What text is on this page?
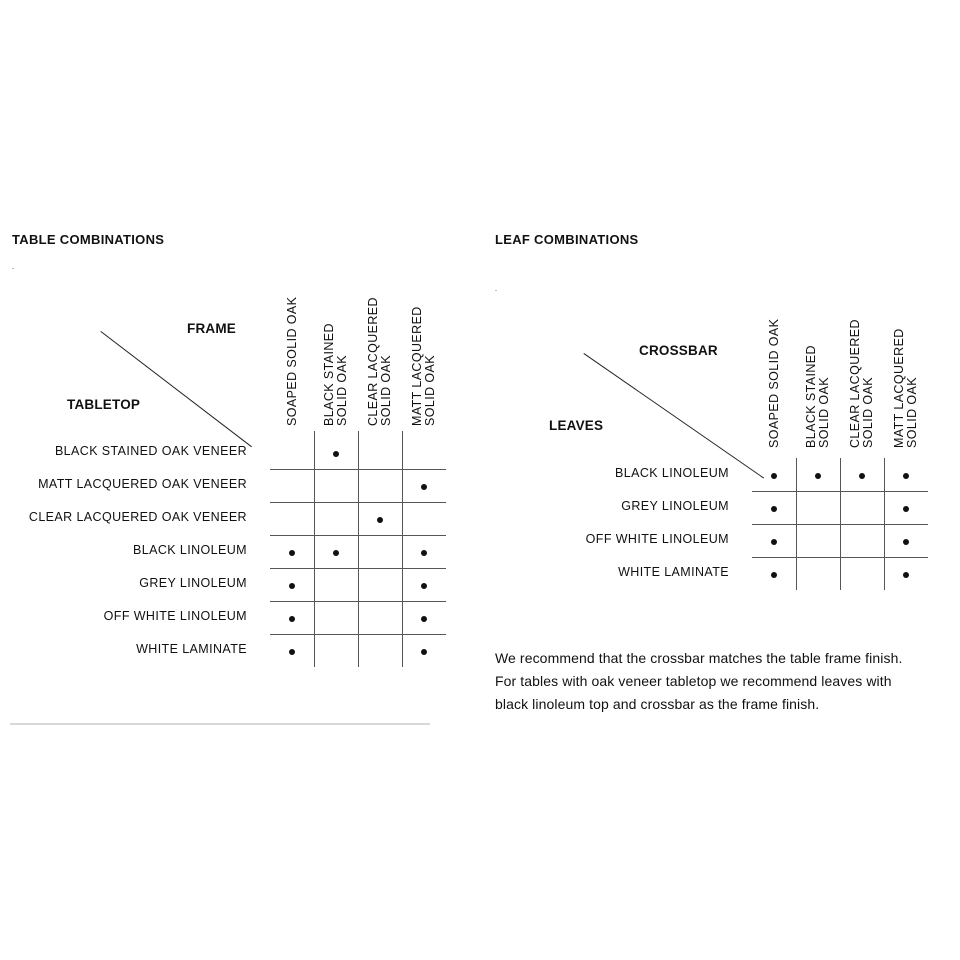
TABLE COMBINATIONS
FRAME
TABLETOP	SOAPED SOLID OAK BLACK STAINED SOLID OAK CLEAR LACQUERED SOLID OAK MATT LACQUERED SOLID OAK
BLACK STAINED OAK VENEER
MATT LACQUERED OAK VENEER
CLEAR LACQUERED OAK VENEER
BLACK LINOLEUM
GREY LINOLEUM
OFF WHITE LINOLEUM
WHITE LAMINATE
LEAF COMBINATIONS
CROSSBAR
LEAVES	SOAPED SOLID OAK BLACK STAINED SOLID OAK CLEAR LACQUERED SOLID OAK MATT LACQUERED SOLID OAK
BLACK LINOLEUM
GREY LINOLEUM
OFF WHITE LINOLEUM
WHITE LAMINATE

We recommend that the crossbar matches the table frame finish.

For tables with oak veneer tabletop we recommend leaves with

black linoleum top and crossbar as the frame finish.
